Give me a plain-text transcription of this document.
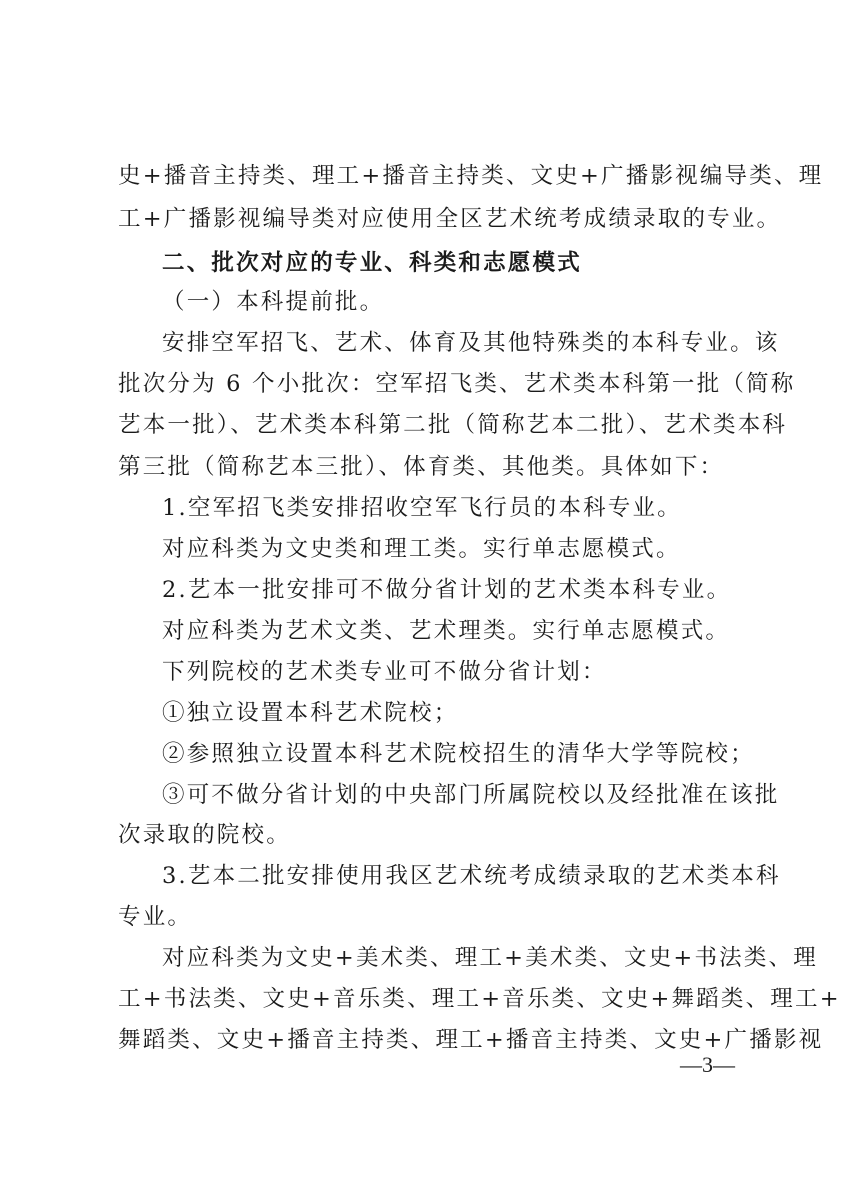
史+播音主持类、理工+播音主持类、文史+广播影视编导类、理
工+广播影视编导类对应使用全区艺术统考成绩录取的专业。
二、批次对应的专业、科类和志愿模式
（一）本科提前批。
安排空军招飞、艺术、体育及其他特殊类的本科专业。该
批次分为 6 个小批次：空军招飞类、艺术类本科第一批（简称
艺本一批）、艺术类本科第二批（简称艺本二批）、艺术类本科
第三批（简称艺本三批）、体育类、其他类。具体如下：
1.空军招飞类安排招收空军飞行员的本科专业。
对应科类为文史类和理工类。实行单志愿模式。
2.艺本一批安排可不做分省计划的艺术类本科专业。
对应科类为艺术文类、艺术理类。实行单志愿模式。
下列院校的艺术类专业可不做分省计划：
①独立设置本科艺术院校；
②参照独立设置本科艺术院校招生的清华大学等院校；
③可不做分省计划的中央部门所属院校以及经批准在该批
次录取的院校。
3.艺本二批安排使用我区艺术统考成绩录取的艺术类本科
专业。
对应科类为文史+美术类、理工+美术类、文史+书法类、理
工+书法类、文史+音乐类、理工+音乐类、文史+舞蹈类、理工+
舞蹈类、文史+播音主持类、理工+播音主持类、文史+广播影视
—3—
